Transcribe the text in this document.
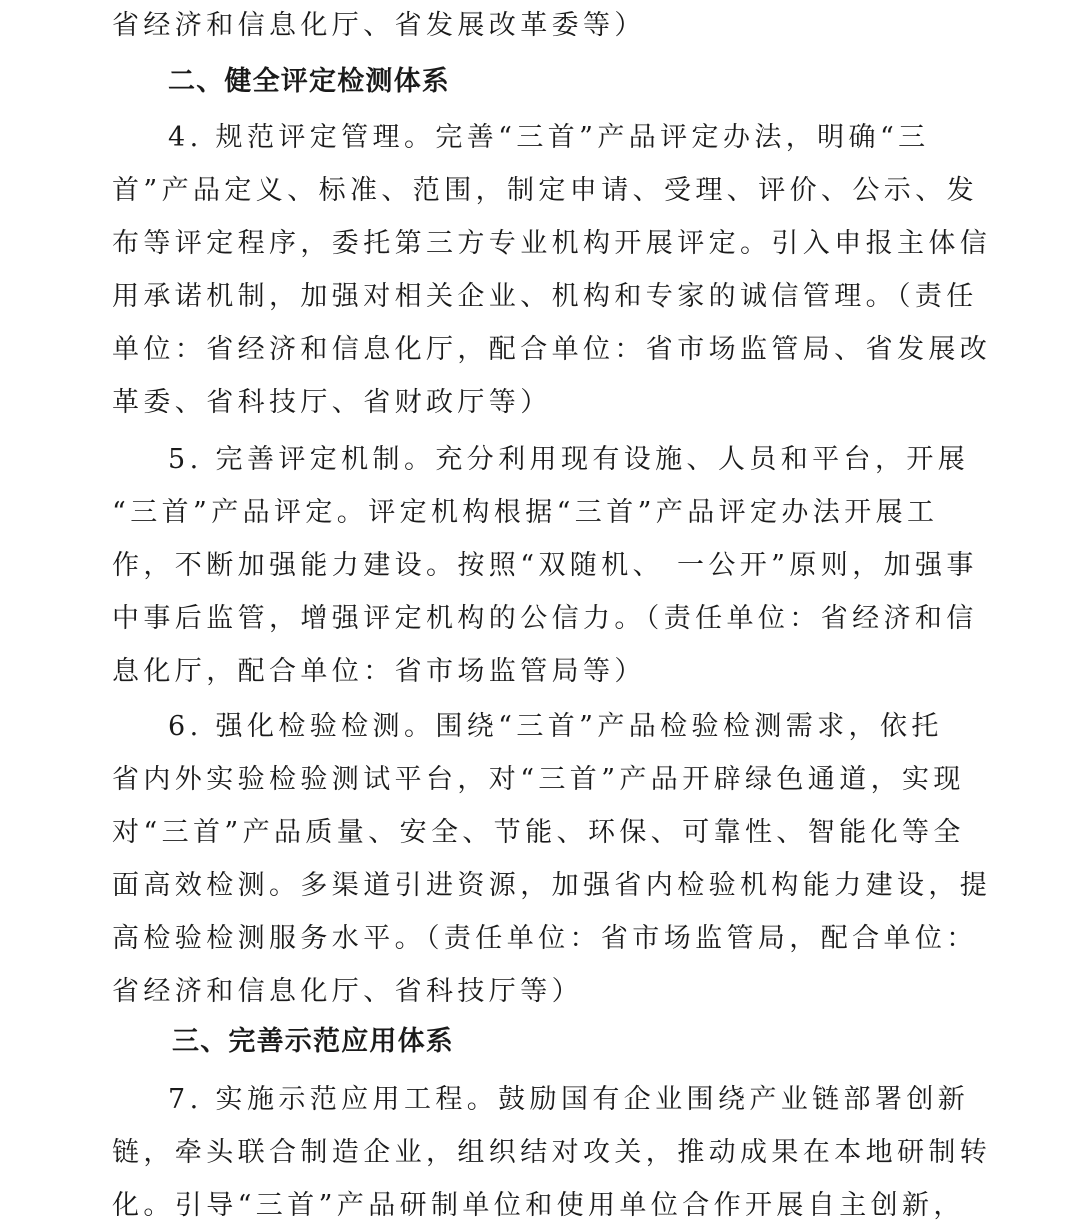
省经济和信息化厅、省发展改革委等）
二、健全评定检测体系
4. 规范评定管理。完善“三首”产品评定办法，明确“三
首”产品定义、标准、范围，制定申请、受理、评价、公示、发
布等评定程序，委托第三方专业机构开展评定。引入申报主体信
用承诺机制，加强对相关企业、机构和专家的诚信管理。（责任
单位：省经济和信息化厅，配合单位：省市场监管局、省发展改
革委、省科技厅、省财政厅等）
5. 完善评定机制。充分利用现有设施、人员和平台，开展
“三首”产品评定。评定机构根据“三首”产品评定办法开展工
作，不断加强能力建设。按照“双随机、 一公开”原则，加强事
中事后监管，增强评定机构的公信力。（责任单位：省经济和信
息化厅，配合单位：省市场监管局等）
6. 强化检验检测。围绕“三首”产品检验检测需求，依托
省内外实验检验测试平台，对“三首”产品开辟绿色通道，实现
对“三首”产品质量、安全、节能、环保、可靠性、智能化等全
面高效检测。多渠道引进资源，加强省内检验机构能力建设，提
高检验检测服务水平。（责任单位：省市场监管局，配合单位：
省经济和信息化厅、省科技厅等）
三、完善示范应用体系
7. 实施示范应用工程。鼓励国有企业围绕产业链部署创新
链，牵头联合制造企业，组织结对攻关，推动成果在本地研制转
化。引导“三首”产品研制单位和使用单位合作开展自主创新，
